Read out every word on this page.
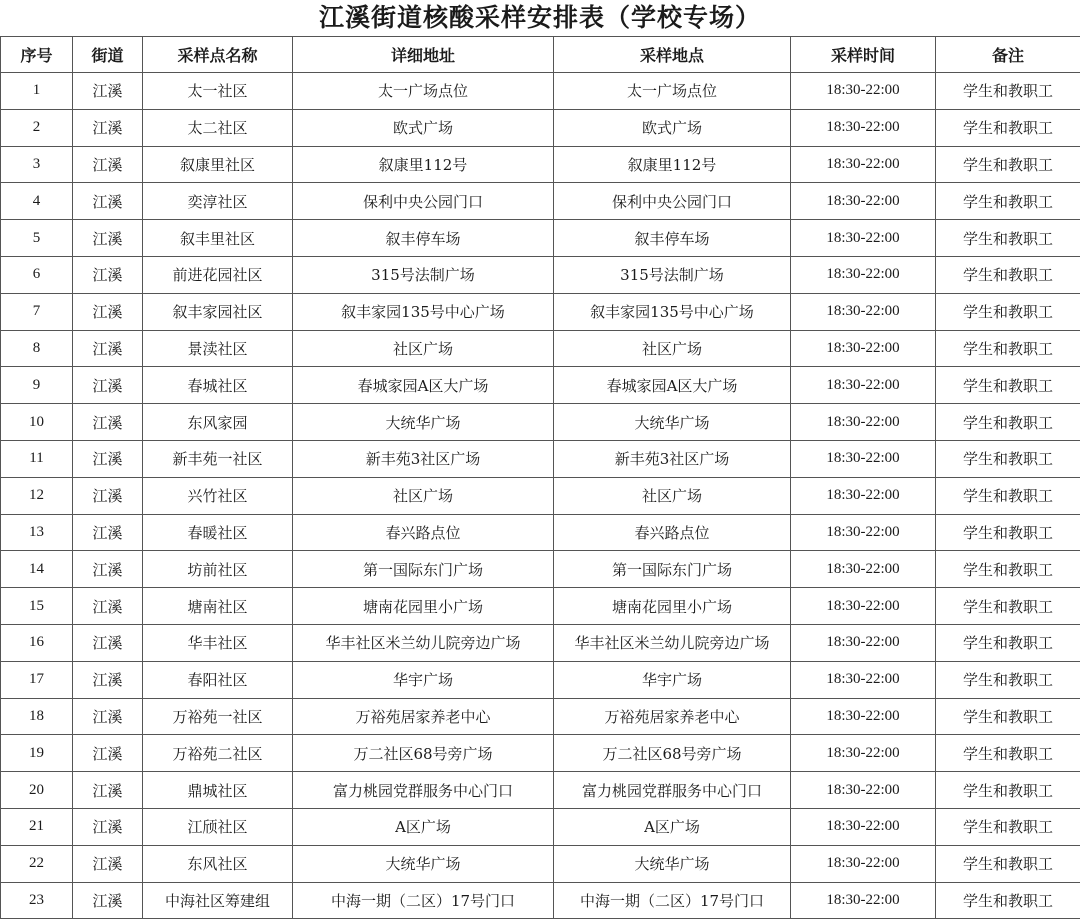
江溪街道核酸采样安排表（学校专场）
序号	街道	采样点名称	详细地址	采样地点	采样时间	备注
1	江溪	太一社区	太一广场点位	太一广场点位	18:30-22:00	学生和教职工
2	江溪	太二社区	欧式广场	欧式广场	18:30-22:00	学生和教职工
3	江溪	叙康里社区	叙康里112号	叙康里112号	18:30-22:00	学生和教职工
4	江溪	奕淳社区	保利中央公园门口	保利中央公园门口	18:30-22:00	学生和教职工
5	江溪	叙丰里社区	叙丰停车场	叙丰停车场	18:30-22:00	学生和教职工
6	江溪	前进花园社区	315号法制广场	315号法制广场	18:30-22:00	学生和教职工
7	江溪	叙丰家园社区	叙丰家园135号中心广场	叙丰家园135号中心广场	18:30-22:00	学生和教职工
8	江溪	景渎社区	社区广场	社区广场	18:30-22:00	学生和教职工
9	江溪	春城社区	春城家园A区大广场	春城家园A区大广场	18:30-22:00	学生和教职工
10	江溪	东风家园	大统华广场	大统华广场	18:30-22:00	学生和教职工
11	江溪	新丰苑一社区	新丰苑3社区广场	新丰苑3社区广场	18:30-22:00	学生和教职工
12	江溪	兴竹社区	社区广场	社区广场	18:30-22:00	学生和教职工
13	江溪	春暖社区	春兴路点位	春兴路点位	18:30-22:00	学生和教职工
14	江溪	坊前社区	第一国际东门广场	第一国际东门广场	18:30-22:00	学生和教职工
15	江溪	塘南社区	塘南花园里小广场	塘南花园里小广场	18:30-22:00	学生和教职工
16	江溪	华丰社区	华丰社区米兰幼儿院旁边广场	华丰社区米兰幼儿院旁边广场	18:30-22:00	学生和教职工
17	江溪	春阳社区	华宇广场	华宇广场	18:30-22:00	学生和教职工
18	江溪	万裕苑一社区	万裕苑居家养老中心	万裕苑居家养老中心	18:30-22:00	学生和教职工
19	江溪	万裕苑二社区	万二社区68号旁广场	万二社区68号旁广场	18:30-22:00	学生和教职工
20	江溪	鼎城社区	富力桃园党群服务中心门口	富力桃园党群服务中心门口	18:30-22:00	学生和教职工
21	江溪	江颀社区	A区广场	A区广场	18:30-22:00	学生和教职工
22	江溪	东风社区	大统华广场	大统华广场	18:30-22:00	学生和教职工
23	江溪	中海社区筹建组	中海一期（二区）17号门口	中海一期（二区）17号门口	18:30-22:00	学生和教职工
